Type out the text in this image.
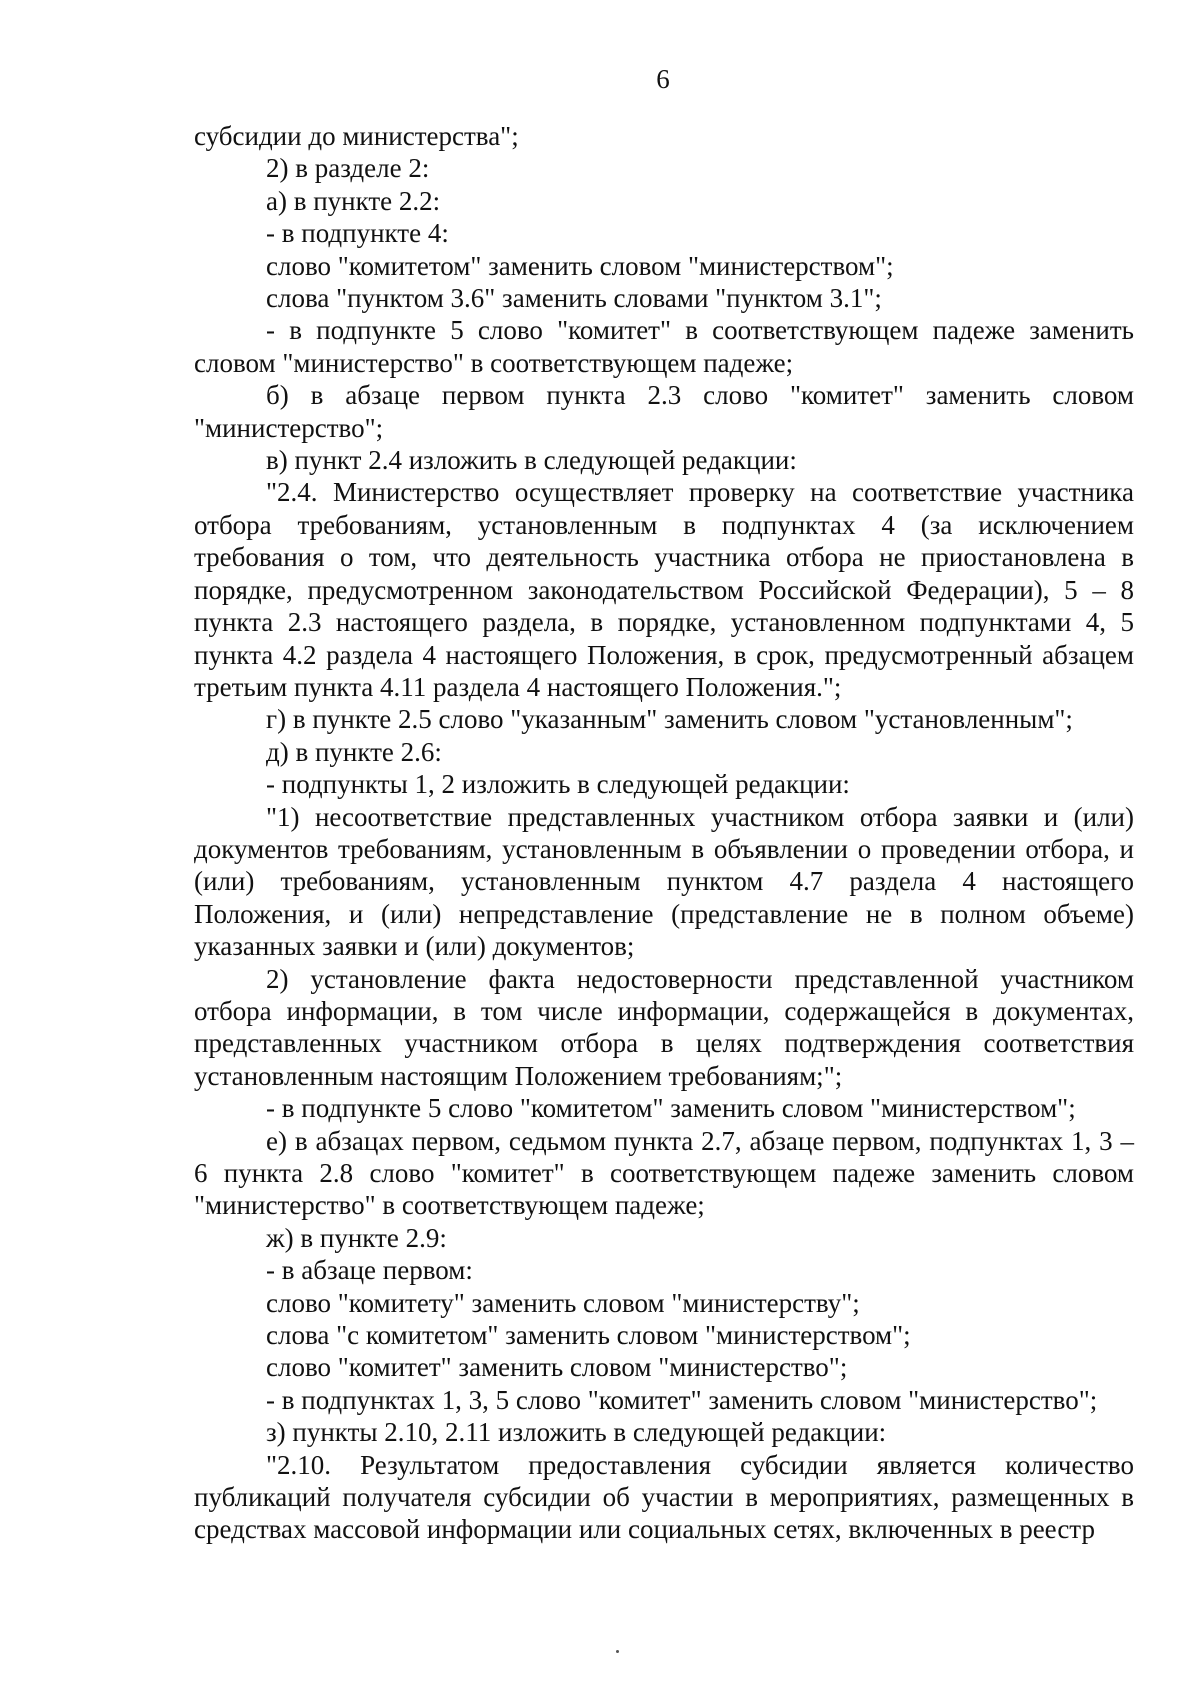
6

субсидии до министерства";

2) в разделе 2:

а) в пункте 2.2:

- в подпункте 4:

слово "комитетом" заменить словом "министерством";

слова "пунктом 3.6" заменить словами "пунктом 3.1";

- в подпункте 5 слово "комитет" в соответствующем падеже заменить словом "министерство" в соответствующем падеже;

б) в абзаце первом пункта 2.3 слово "комитет" заменить словом "министерство";

в) пункт 2.4 изложить в следующей редакции:

"2.4. Министерство осуществляет проверку на соответствие участника отбора требованиям, установленным в подпунктах 4 (за исключением требования о том, что деятельность участника отбора не приостановлена в порядке, предусмотренном законодательством Российской Федерации), 5 – 8 пункта 2.3 настоящего раздела, в порядке, установленном подпунктами 4, 5 пункта 4.2 раздела 4 настоящего Положения, в срок, предусмотренный абзацем третьим пункта 4.11 раздела 4 настоящего Положения.";

г) в пункте 2.5 слово "указанным" заменить словом "установленным";

д) в пункте 2.6:

- подпункты 1, 2 изложить в следующей редакции:

"1) несоответствие представленных участником отбора заявки и (или) документов требованиям, установленным в объявлении о проведении отбора, и (или) требованиям, установленным пунктом 4.7 раздела 4 настоящего Положения, и (или) непредставление (представление не в полном объеме) указанных заявки и (или) документов;

2) установление факта недостоверности представленной участником отбора информации, в том числе информации, содержащейся в документах, представленных участником отбора в целях подтверждения соответствия установленным настоящим Положением требованиям;";

- в подпункте 5 слово "комитетом" заменить словом "министерством";

е) в абзацах первом, седьмом пункта 2.7, абзаце первом, подпунктах 1, 3 – 6 пункта 2.8 слово "комитет" в соответствующем падеже заменить словом "министерство" в соответствующем падеже;

ж) в пункте 2.9:

- в абзаце первом:

слово "комитету" заменить словом "министерству";

слова "с комитетом" заменить словом "министерством";

слово "комитет" заменить словом "министерство";

- в подпунктах 1, 3, 5 слово "комитет" заменить словом "министерство";

з) пункты 2.10, 2.11 изложить в следующей редакции:

"2.10. Результатом предоставления субсидии является количество публикаций получателя субсидии об участии в мероприятиях, размещенных в средствах массовой информации или социальных сетях, включенных в реестр
